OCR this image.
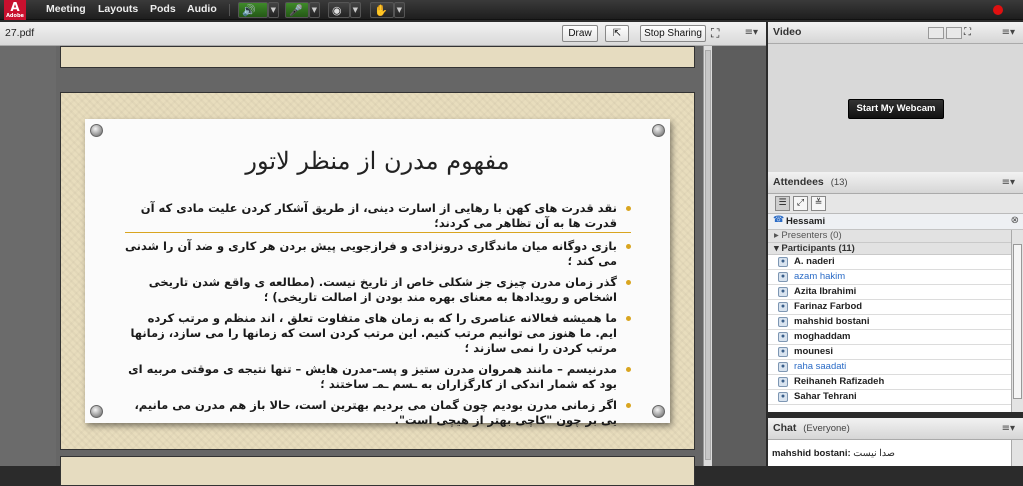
A
Adobe
Meeting Layouts Pods Audio 🔊 ▼ 🎤 ▼ ◉ ▼ ✋ ▼
27.pdf	Draw	⇱	Stop Sharing ⛶	≡▾
مفهوم مدرن از منظر لاتور
نقد قدرت های کهن با رهایی از اسارت دینی، از طریق آشکار کردن علیت مادی که آن قدرت ها به آن تظاهر می کردند؛
بازی دوگانه میان ماندگاری درونزادی و فرازجویی پیش بردن هر کاری و ضد آن را شدنی می کند ؛
گذر زمان مدرن چیزی جز شکلی خاص از تاریخ نیست. (مطالعه ی واقع شدن تاریخی اشخاص و رویدادها به معنای بهره مند بودن از اصالت تاریخی) ؛
ما همیشه فعالانه عناصری را که به زمان های متفاوت تعلق ، اند منظم و مرتب کرده ایم. ما هنوز می توانیم مرتب کنیم. این مرتب کردن است که زمانها را می سازد، زمانها مرتب کردن را نمی سازند ؛
مدرنیسم – مانند همروان مدرن ستیز و پسـ-مدرن هایش – تنها نتیجه ی موقتی مربیه ای بود که شمار اندکی از کارگزاران به ـسم ـمـ ساختند ؛
اگر زمانی مدرن بودیم چون گمان می بردیم بهترین است، حالا باز هم مدرن می مانیم، یی بر چون "کاچی بهتر از هیچی است".
Video	⛶	≡▾
Start My Webcam
Attendees (13)	≡▾
☰	⤢	≚
☎ Hessami	⊗
▸ Presenters (0)
▾ Participants (11)
● A. naderi
● azam hakim
● Azita Ibrahimi
● Farinaz Farbod
● mahshid bostani
● moghaddam
● mounesi
● raha saadati
● Reihaneh Rafizadeh
● Sahar Tehrani
Chat (Everyone)	≡▾
mahshid bostani: صدا نیست
